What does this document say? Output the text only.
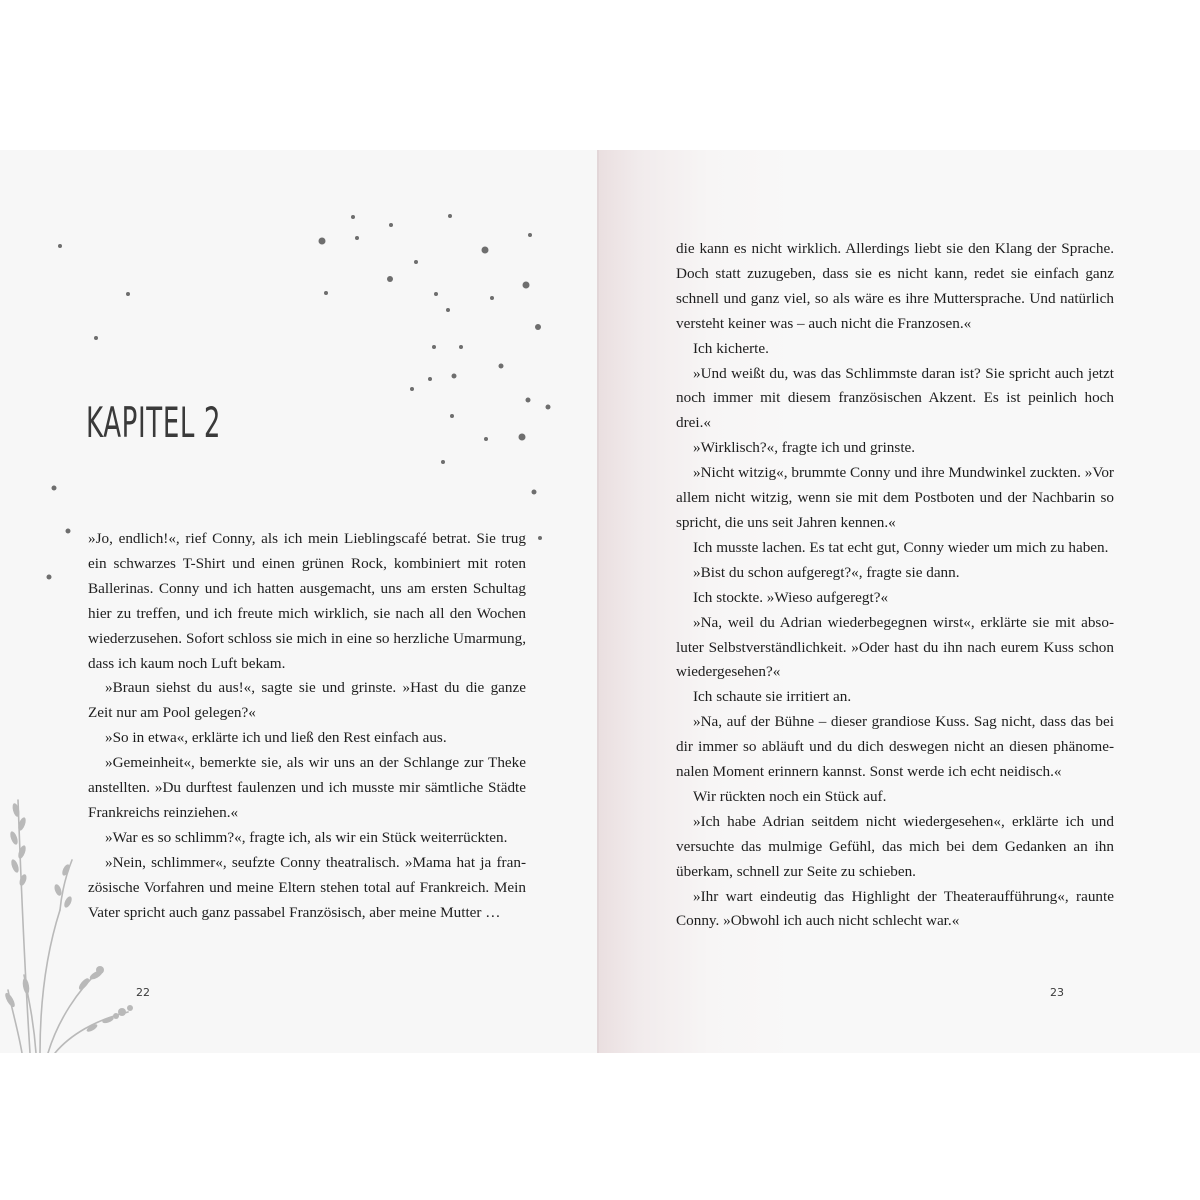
KAPITEL 2

»Jo, endlich!«, rief Conny, als ich mein Lieblingscafé betrat. Sie trug ein schwarzes T-Shirt und einen grünen Rock, kombiniert mit roten Ballerinas. Conny und ich hatten ausgemacht, uns am ersten Schultag hier zu treffen, und ich freute mich wirklich, sie nach all den Wochen wiederzusehen. Sofort schloss sie mich in eine so herzliche Umarmung, dass ich kaum noch Luft bekam.

»Braun siehst du aus!«, sagte sie und grinste. »Hast du die ganze Zeit nur am Pool gelegen?«

»So in etwa«, erklärte ich und ließ den Rest einfach aus.

»Gemeinheit«, bemerkte sie, als wir uns an der Schlange zur Theke anstellten. »Du durftest faulenzen und ich musste mir sämtliche Städte Frankreichs reinziehen.«

»War es so schlimm?«, fragte ich, als wir ein Stück weiterrückten.

»Nein, schlimmer«, seufzte Conny theatralisch. »Mama hat ja französische Vorfahren und meine Eltern stehen total auf Frankreich. Mein Vater spricht auch ganz passabel Französisch, aber meine Mutter …

22

die kann es nicht wirklich. Allerdings liebt sie den Klang der Sprache. Doch statt zuzugeben, dass sie es nicht kann, redet sie einfach ganz schnell und ganz viel, so als wäre es ihre Muttersprache. Und natürlich versteht keiner was – auch nicht die Franzosen.«

Ich kicherte.

»Und weißt du, was das Schlimmste daran ist? Sie spricht auch jetzt noch immer mit diesem französischen Akzent. Es ist peinlich hoch drei.«

»Wirklisch?«, fragte ich und grinste.

»Nicht witzig«, brummte Conny und ihre Mundwinkel zuckten. »Vor allem nicht witzig, wenn sie mit dem Postboten und der Nachbarin so spricht, die uns seit Jahren kennen.«

Ich musste lachen. Es tat echt gut, Conny wieder um mich zu haben.

»Bist du schon aufgeregt?«, fragte sie dann.

Ich stockte. »Wieso aufgeregt?«

»Na, weil du Adrian wiederbegegnen wirst«, erklärte sie mit absoluter Selbstverständlichkeit. »Oder hast du ihn nach eurem Kuss schon wiedergesehen?«

Ich schaute sie irritiert an.

»Na, auf der Bühne – dieser grandiose Kuss. Sag nicht, dass das bei dir immer so abläuft und du dich deswegen nicht an diesen phänomenalen Moment erinnern kannst. Sonst werde ich echt neidisch.«

Wir rückten noch ein Stück auf.

»Ich habe Adrian seitdem nicht wiedergesehen«, erklärte ich und versuchte das mulmige Gefühl, das mich bei dem Gedanken an ihn überkam, schnell zur Seite zu schieben.

»Ihr wart eindeutig das Highlight der Theateraufführung«, raunte Conny. »Obwohl ich auch nicht schlecht war.«

23
